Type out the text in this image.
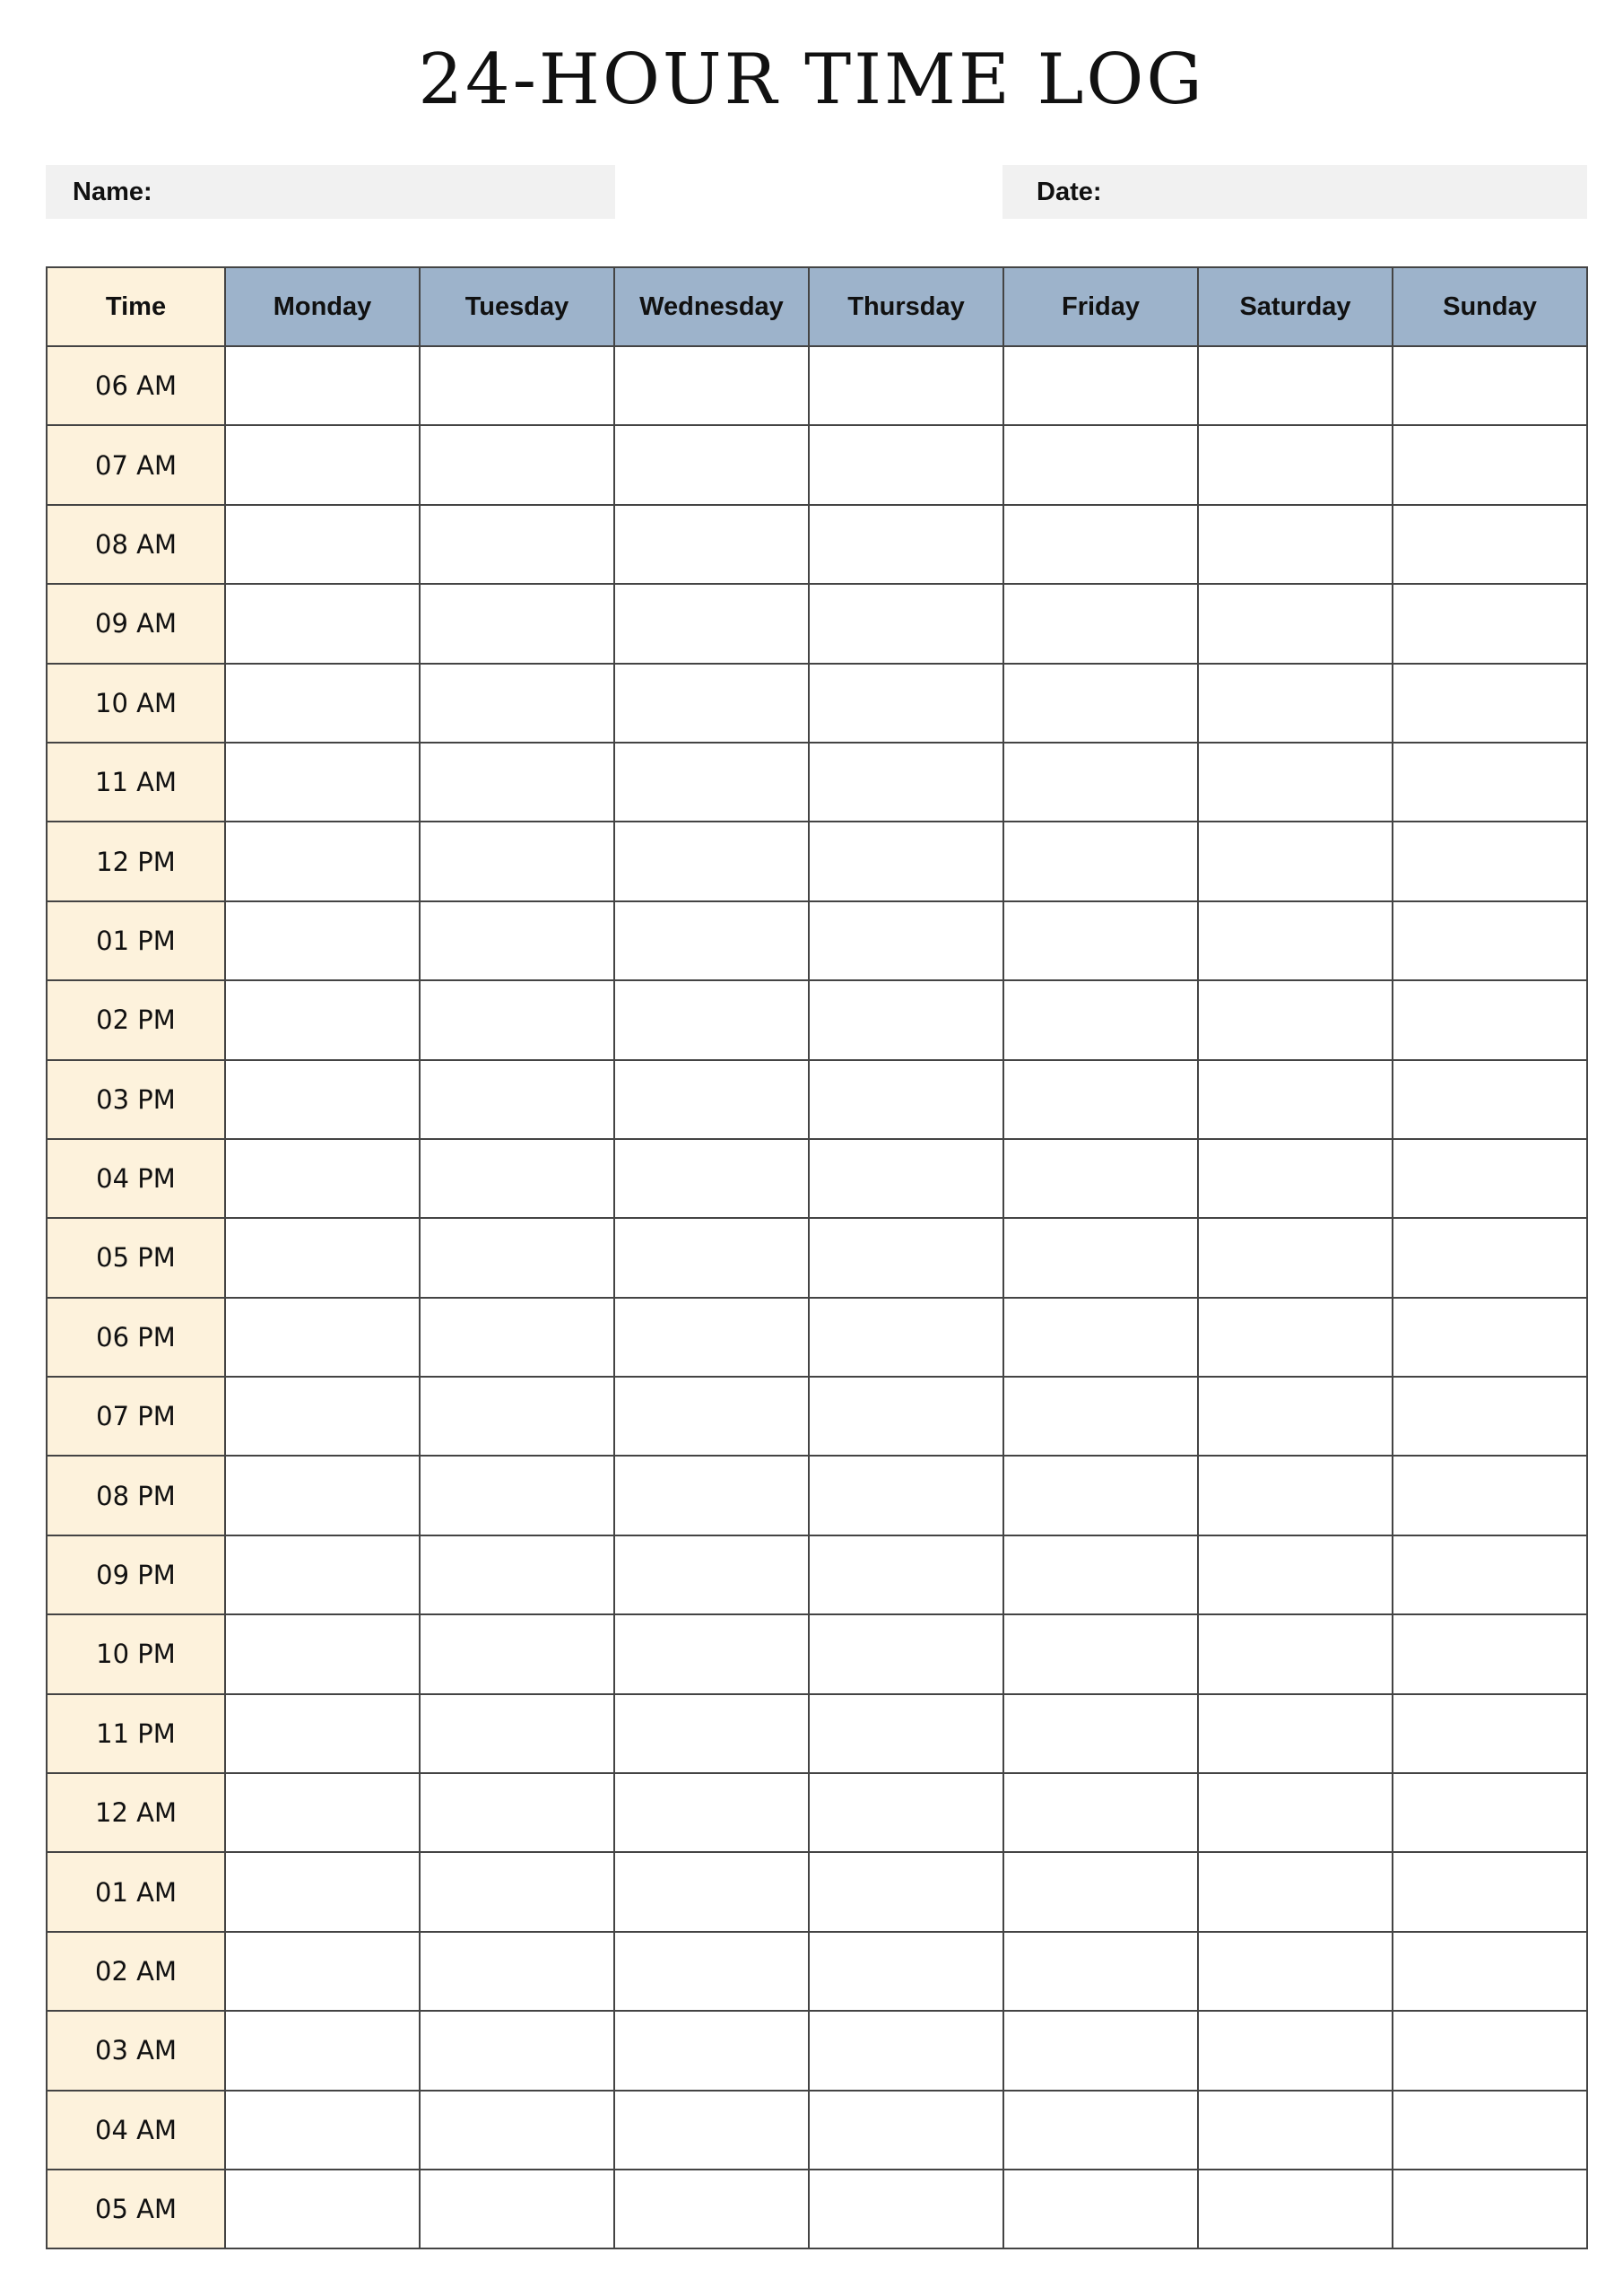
24-HOUR TIME LOG
Name:	Date:
Time	Monday	Tuesday	Wednesday	Thursday	Friday	Saturday	Sunday
06 AM							
07 AM							
08 AM							
09 AM							
10 AM							
11 AM							
12 PM							
01 PM							
02 PM							
03 PM							
04 PM							
05 PM							
06 PM							
07 PM							
08 PM							
09 PM							
10 PM							
11 PM							
12 AM							
01 AM							
02 AM							
03 AM							
04 AM							
05 AM							
